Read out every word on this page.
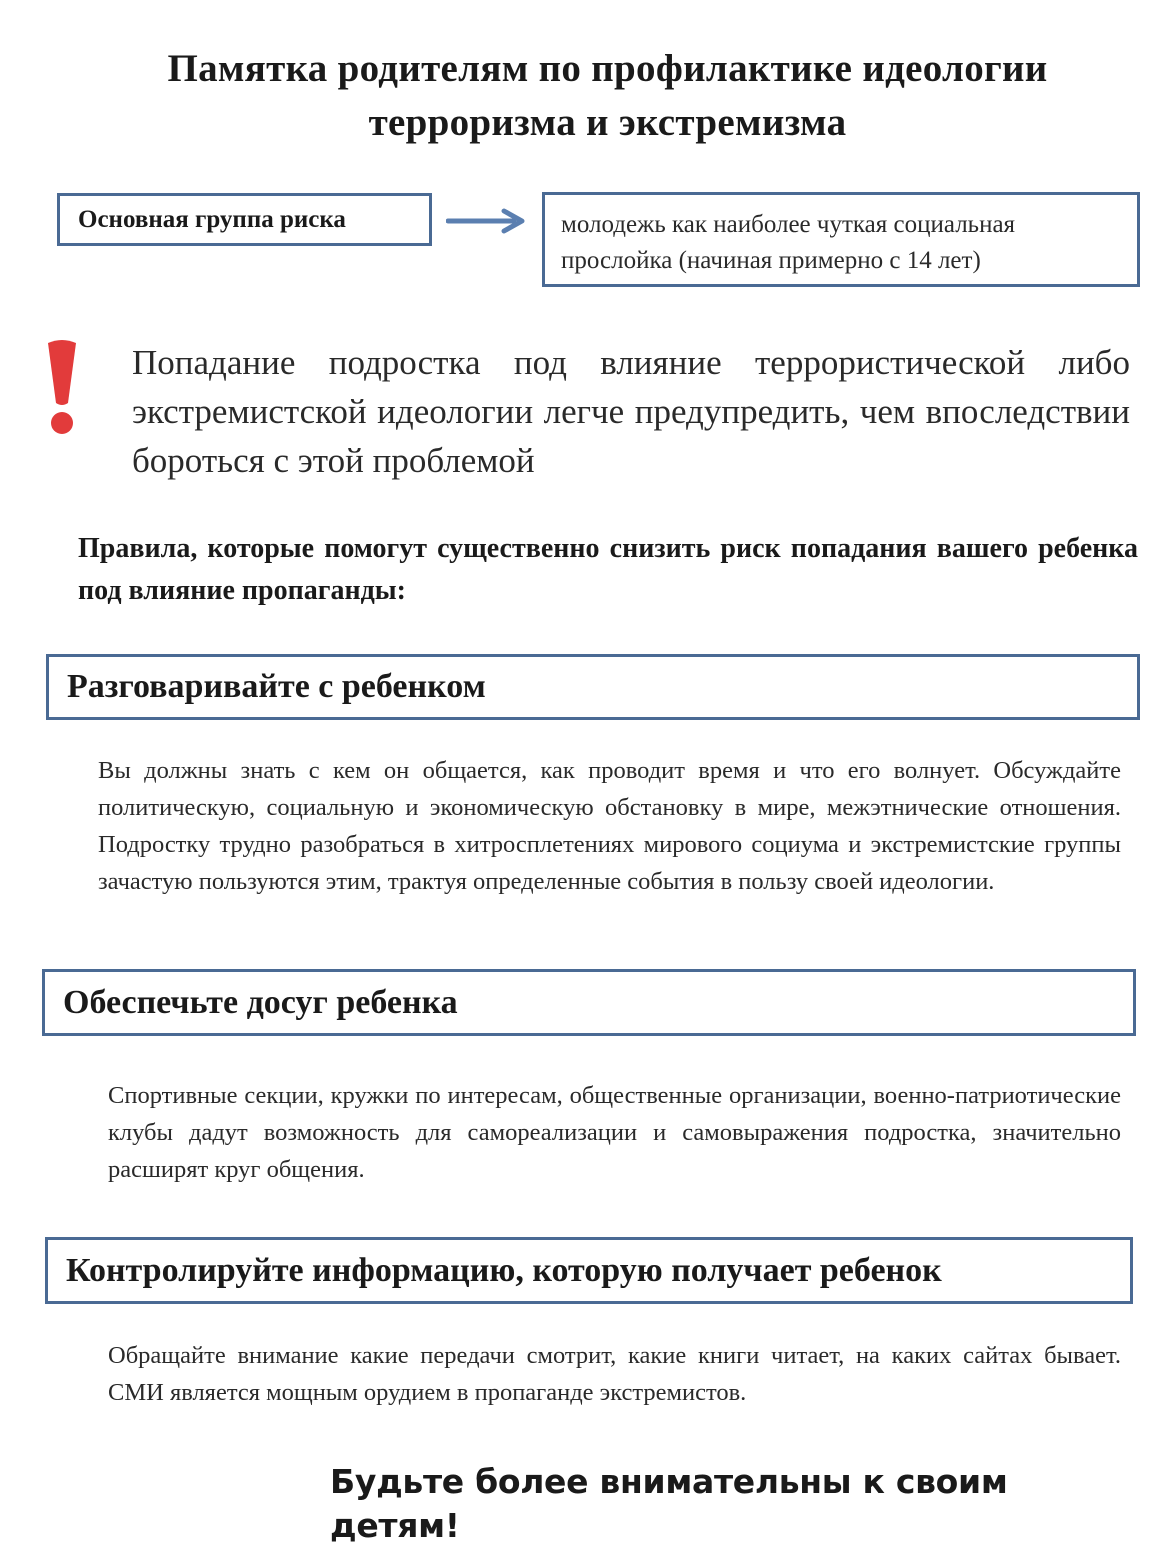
Памятка родителям по профилактике идеологии
терроризма и экстремизма
Основная группа риска	молодежь как наиболее чуткая социальная
прослойка (начиная примерно с 14 лет)
Попадание подростка под влияние террористической либо экстремистской идеологии легче предупредить, чем впоследствии бороться с этой проблемой
Правила, которые помогут существенно снизить риск попадания вашего ребенка под влияние пропаганды:
Разговаривайте с ребенком
Вы должны знать с кем он общается, как проводит время и что его волнует. Обсуждайте политическую, социальную и экономическую обстановку в мире, межэтнические отношения. Подростку трудно разобраться в хитросплетениях мирового социума и экстремистские группы зачастую пользуются этим, трактуя определенные события в пользу своей идеологии.
Обеспечьте досуг ребенка
Спортивные секции, кружки по интересам, общественные организации, военно-патриотические клубы дадут возможность для самореализации и самовыражения подростка, значительно расширят круг общения.
Контролируйте информацию, которую получает ребенок
Обращайте внимание какие передачи смотрит, какие книги читает, на каких сайтах бывает. СМИ является мощным орудием в пропаганде экстремистов.
Будьте более внимательны к своим детям!
